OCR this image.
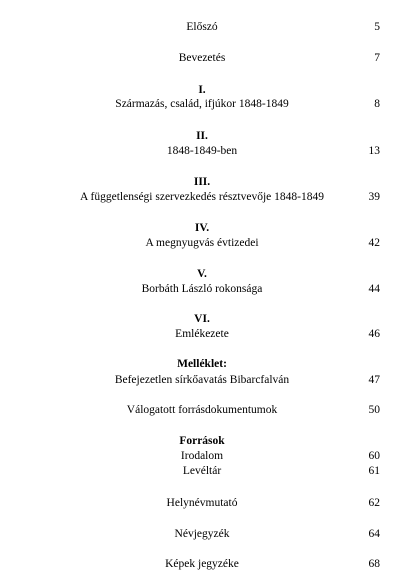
Előszó	5
Bevezetés	7
I.
Származás, család, ifjúkor 1848-1849	8
II.
1848-1849-ben	13
III.
A függetlenségi szervezkedés résztvevője 1848-1849	39
IV.
A megnyugvás évtizedei	42
V.
Borbáth László rokonsága	44
VI.
Emlékezete	46
Melléklet:
Befejezetlen sírkőavatás Bibarcfalván	47
Válogatott forrásdokumentumok	50
Források
Irodalom	60
Levéltár	61
Helynévmutató	62
Névjegyzék	64
Képek jegyzéke	68
